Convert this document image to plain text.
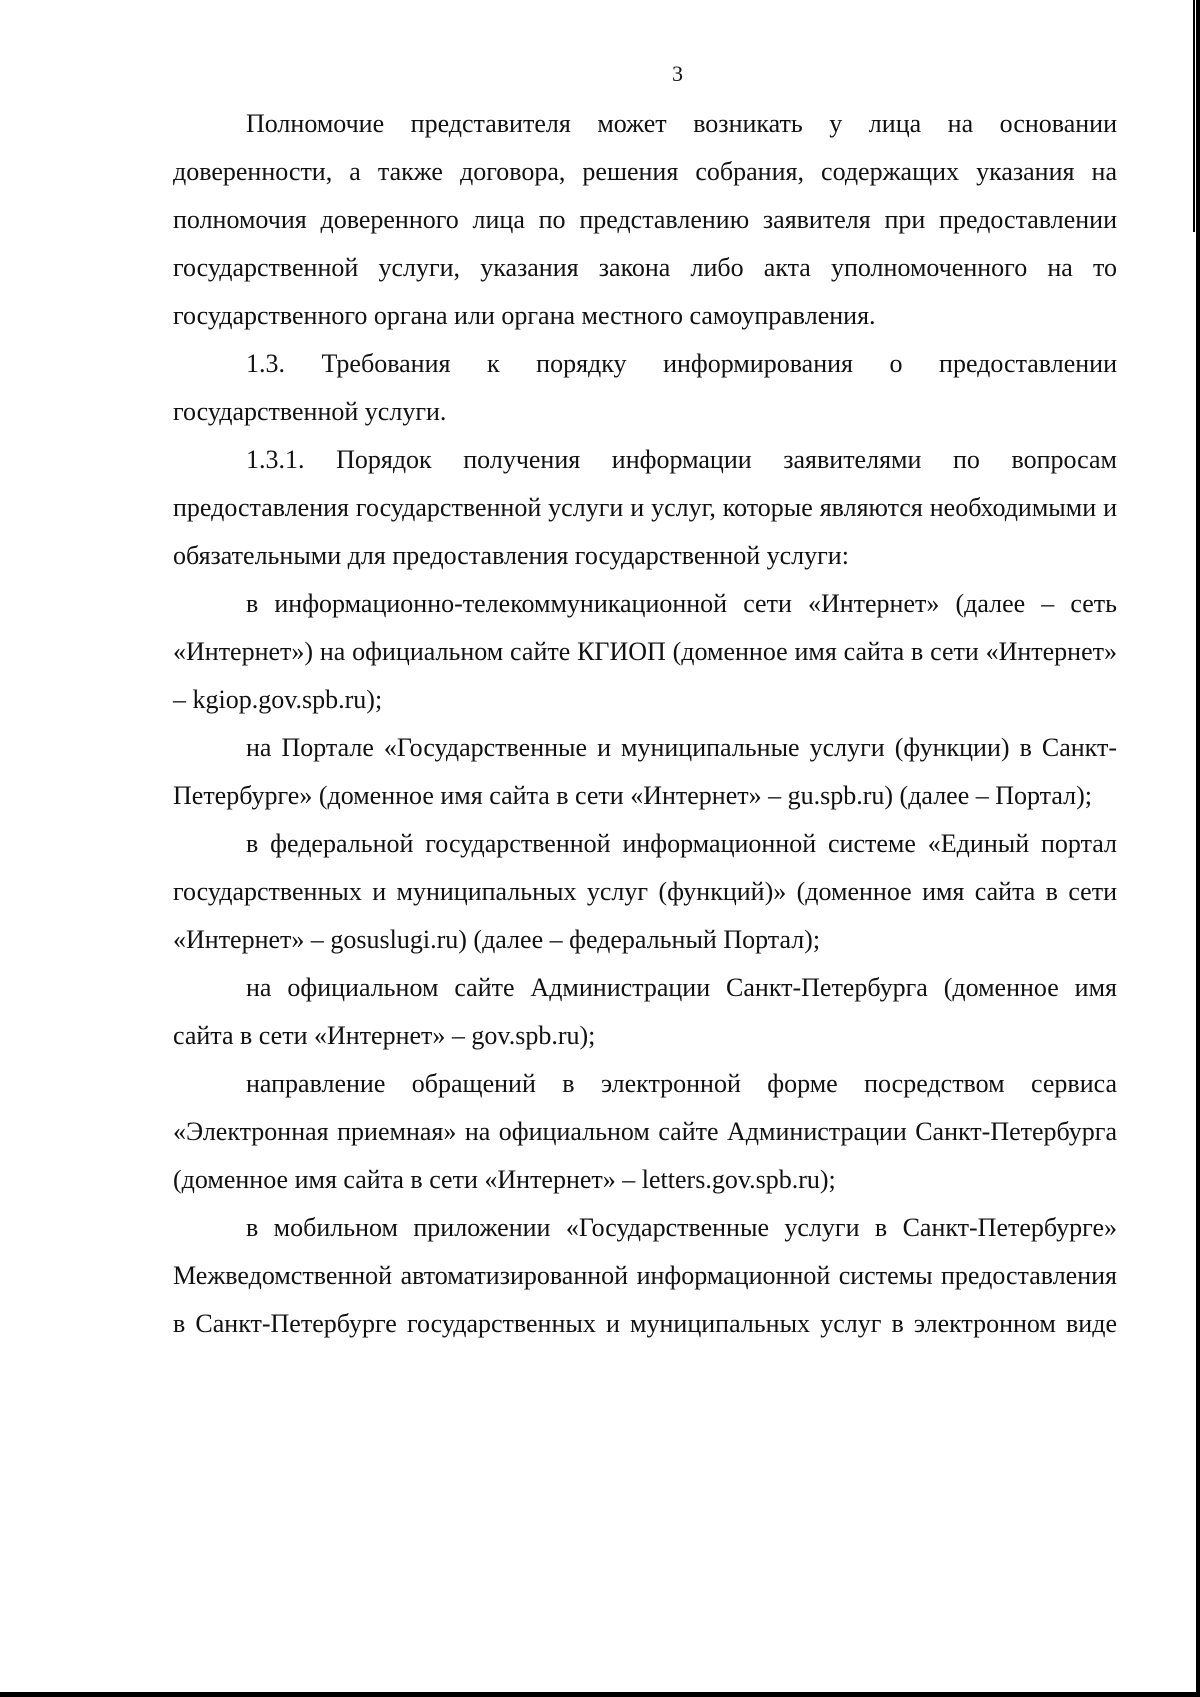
3

Полномочие представителя может возникать у лица на основании доверенности, а также договора, решения собрания, содержащих указания на полномочия доверенного лица по представлению заявителя при предоставлении государственной услуги, указания закона либо акта уполномоченного на то государственного органа или органа местного самоуправления.

1.3. Требования к порядку информирования о предоставлении государственной услуги.

1.3.1. Порядок получения информации заявителями по вопросам предоставления государственной услуги и услуг, которые являются необходимыми и обязательными для предоставления государственной услуги:

в информационно-телекоммуникационной сети «Интернет» (далее – сеть «Интернет») на официальном сайте КГИОП (доменное имя сайта в сети «Интернет» – kgiop.gov.spb.ru);

на Портале «Государственные и муниципальные услуги (функции) в Санкт-Петербурге» (доменное имя сайта в сети «Интернет» – gu.spb.ru) (далее – Портал);

в федеральной государственной информационной системе «Единый портал государственных и муниципальных услуг (функций)» (доменное имя сайта в сети «Интернет» – gosuslugi.ru) (далее – федеральный Портал);

на официальном сайте Администрации Санкт-Петербурга (доменное имя сайта в сети «Интернет» – gov.spb.ru);

направление обращений в электронной форме посредством сервиса «Электронная приемная» на официальном сайте Администрации Санкт-Петербурга (доменное имя сайта в сети «Интернет» – letters.gov.spb.ru);

в мобильном приложении «Государственные услуги в Санкт-Петербурге» Межведомственной автоматизированной информационной системы предоставления в Санкт-Петербурге государственных и муниципальных услуг в электронном виде
